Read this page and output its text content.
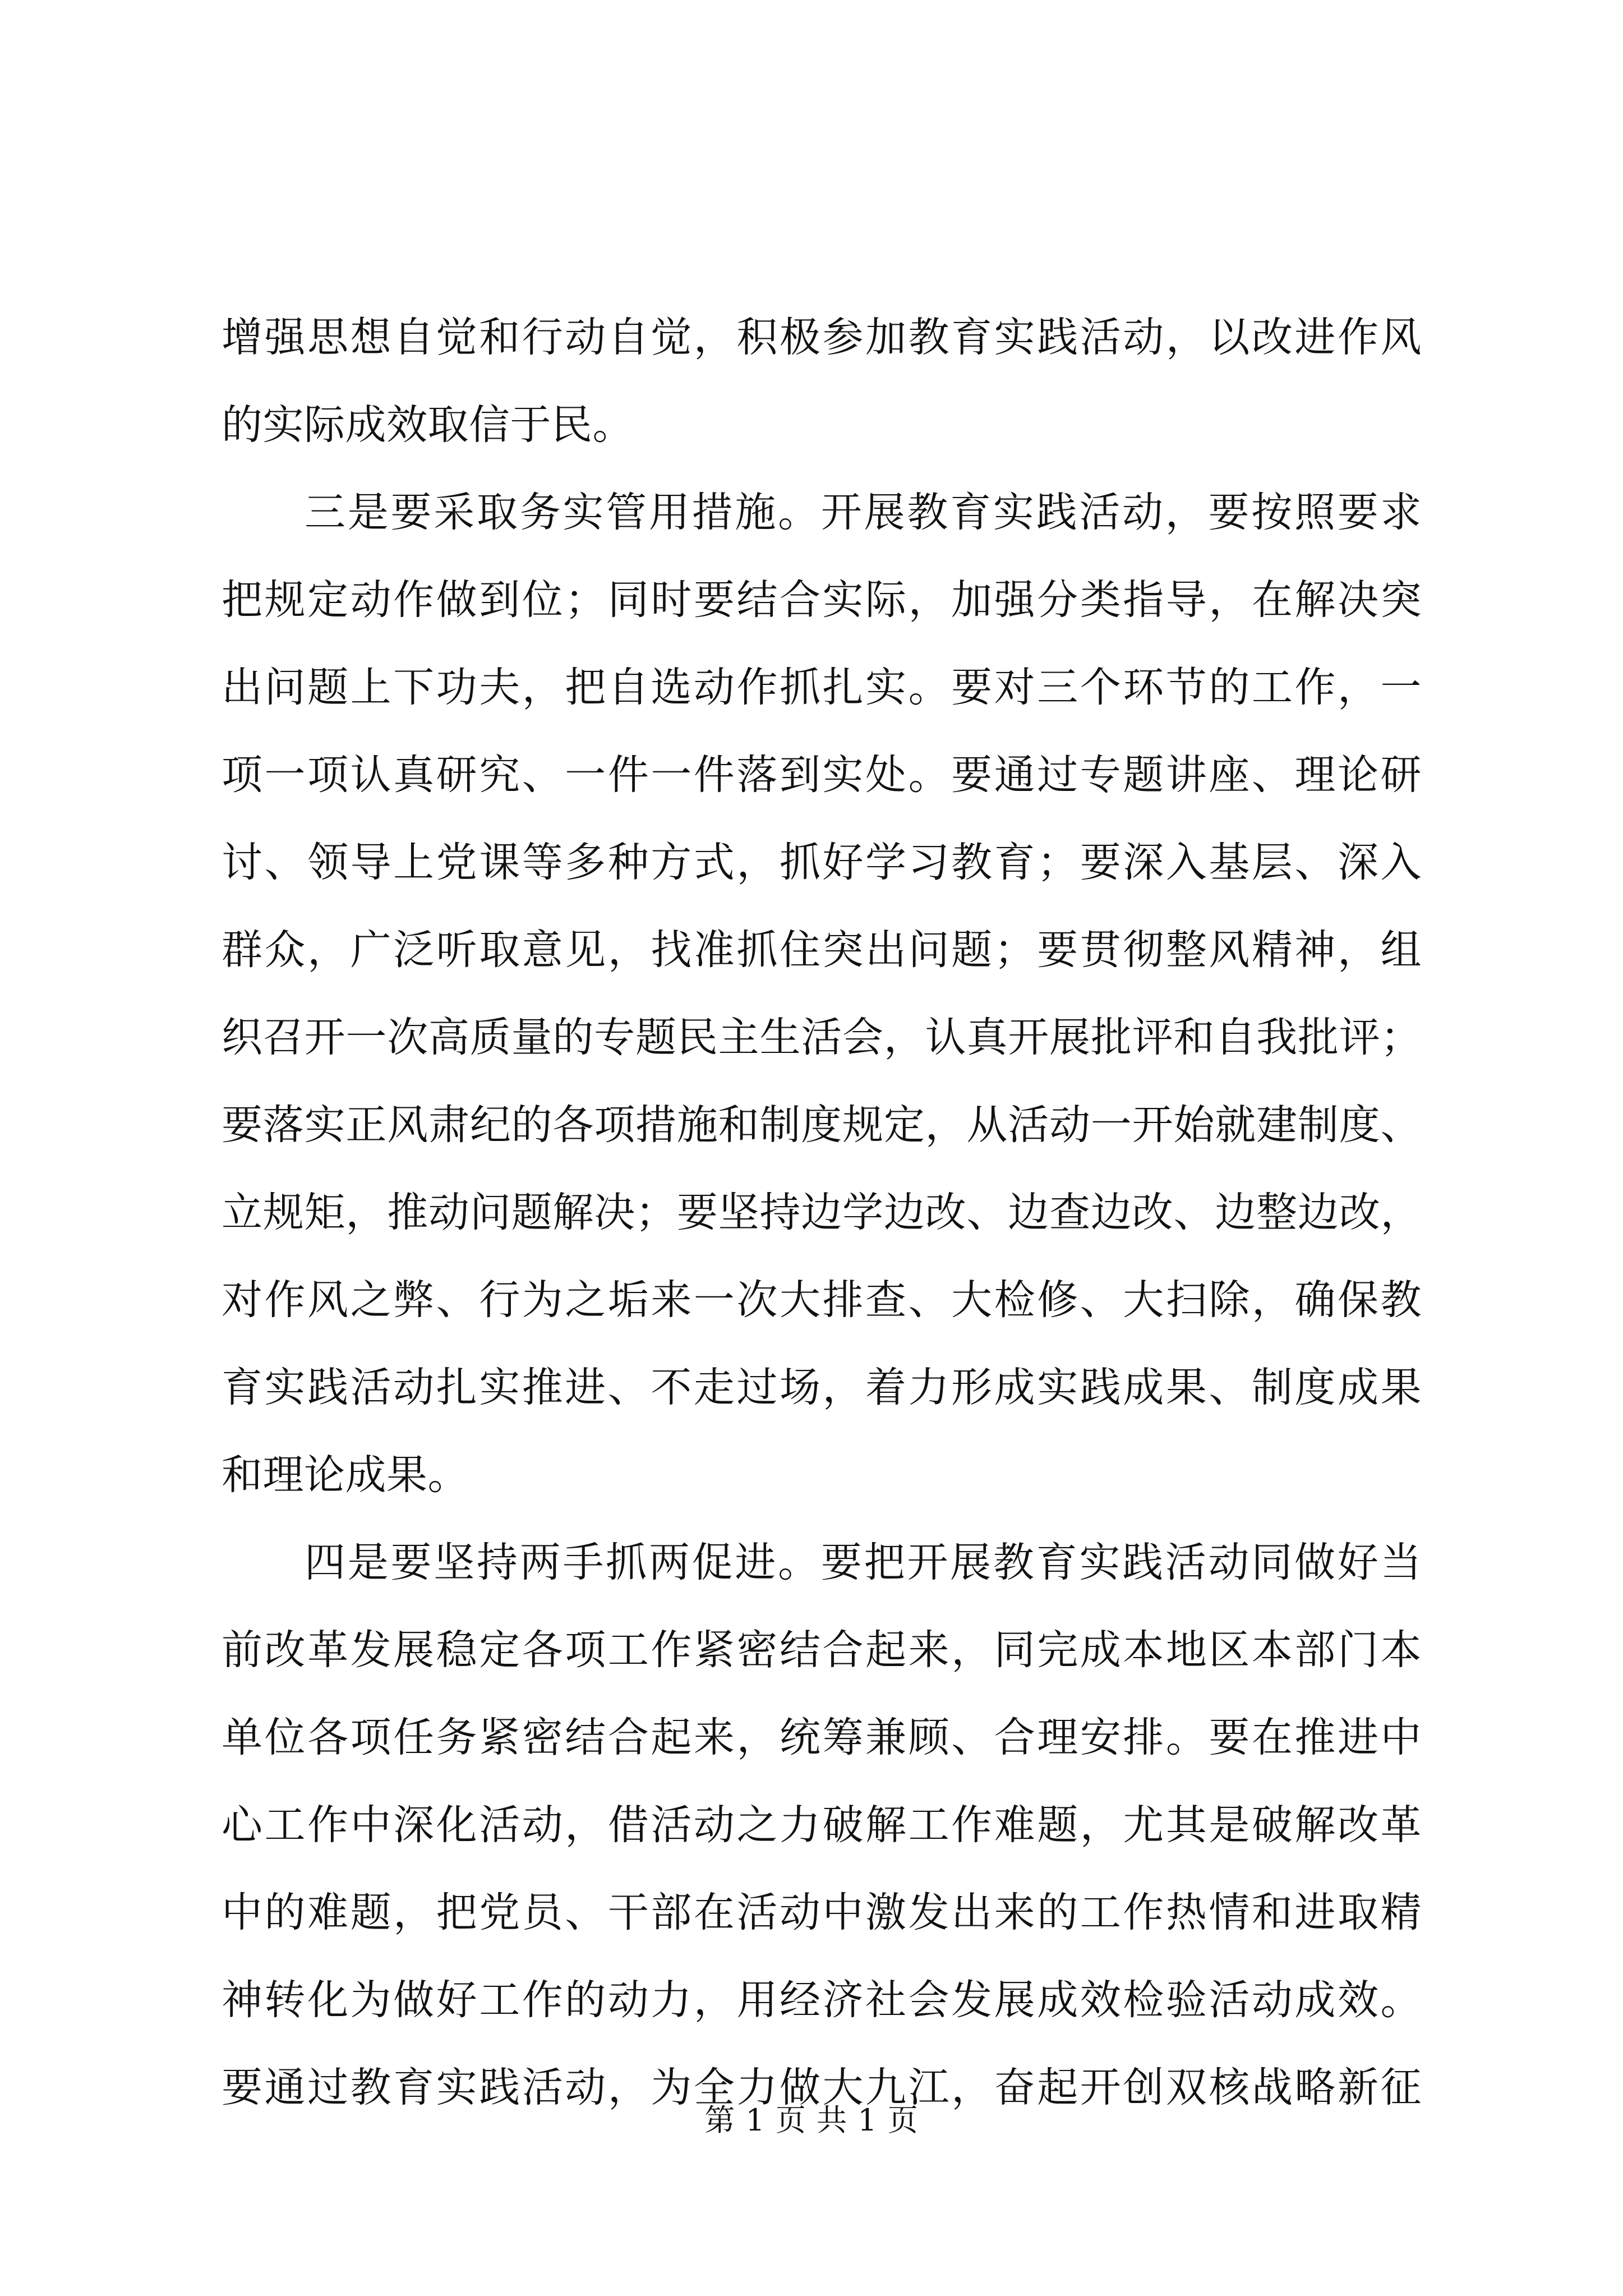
增强思想自觉和行动自觉，积极参加教育实践活动，以改进作风
的实际成效取信于民。
三是要采取务实管用措施。开展教育实践活动，要按照要求
把规定动作做到位；同时要结合实际，加强分类指导，在解决突
出问题上下功夫，把自选动作抓扎实。要对三个环节的工作，一
项一项认真研究、一件一件落到实处。要通过专题讲座、理论研
讨、领导上党课等多种方式，抓好学习教育；要深入基层、深入
群众，广泛听取意见，找准抓住突出问题；要贯彻整风精神，组
织召开一次高质量的专题民主生活会，认真开展批评和自我批评；
要落实正风肃纪的各项措施和制度规定，从活动一开始就建制度、
立规矩，推动问题解决；要坚持边学边改、边查边改、边整边改，
对作风之弊、行为之垢来一次大排查、大检修、大扫除，确保教
育实践活动扎实推进、不走过场，着力形成实践成果、制度成果
和理论成果。
四是要坚持两手抓两促进。要把开展教育实践活动同做好当
前改革发展稳定各项工作紧密结合起来，同完成本地区本部门本
单位各项任务紧密结合起来，统筹兼顾、合理安排。要在推进中
心工作中深化活动，借活动之力破解工作难题，尤其是破解改革
中的难题，把党员、干部在活动中激发出来的工作热情和进取精
神转化为做好工作的动力，用经济社会发展成效检验活动成效。
要通过教育实践活动，为全力做大九江，奋起开创双核战略新征
第 1 页 共 1 页
